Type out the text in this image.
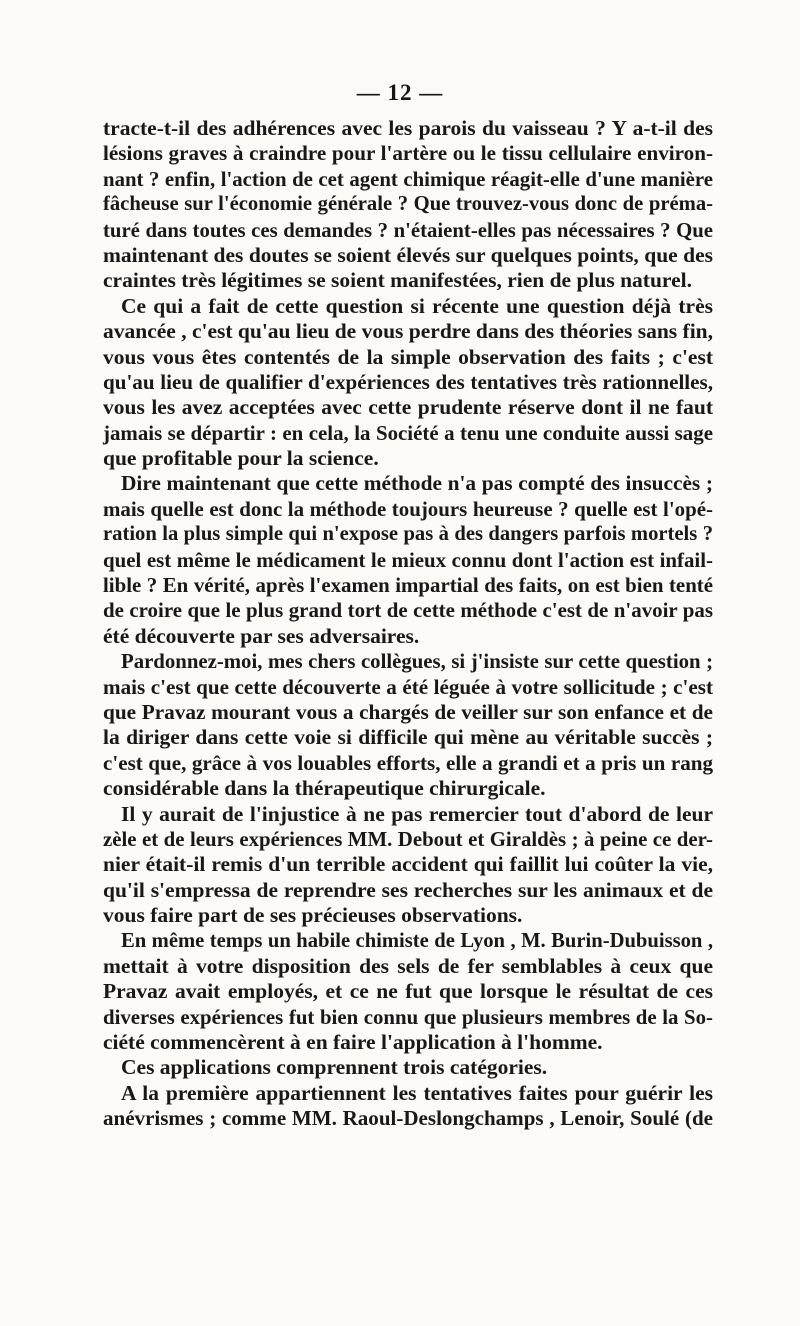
— 12 —
tracte-t-il des adhérences avec les parois du vaisseau ? Y a-t-il des
lésions graves à craindre pour l'artère ou le tissu cellulaire environ-
nant ? enfin, l'action de cet agent chimique réagit-elle d'une manière
fâcheuse sur l'économie générale ? Que trouvez-vous donc de préma-
turé dans toutes ces demandes ? n'étaient-elles pas nécessaires ? Que
maintenant des doutes se soient élevés sur quelques points, que des
craintes très légitimes se soient manifestées, rien de plus naturel.
Ce qui a fait de cette question si récente une question déjà très
avancée , c'est qu'au lieu de vous perdre dans des théories sans fin,
vous vous êtes contentés de la simple observation des faits ; c'est
qu'au lieu de qualifier d'expériences des tentatives très rationnelles,
vous les avez acceptées avec cette prudente réserve dont il ne faut
jamais se départir : en cela, la Société a tenu une conduite aussi sage
que profitable pour la science.
Dire maintenant que cette méthode n'a pas compté des insuccès ;
mais quelle est donc la méthode toujours heureuse ? quelle est l'opé-
ration la plus simple qui n'expose pas à des dangers parfois mortels ?
quel est même le médicament le mieux connu dont l'action est infail-
lible ? En vérité, après l'examen impartial des faits, on est bien tenté
de croire que le plus grand tort de cette méthode c'est de n'avoir pas
été découverte par ses adversaires.
Pardonnez-moi, mes chers collègues, si j'insiste sur cette question ;
mais c'est que cette découverte a été léguée à votre sollicitude ; c'est
que Pravaz mourant vous a chargés de veiller sur son enfance et de
la diriger dans cette voie si difficile qui mène au véritable succès ;
c'est que, grâce à vos louables efforts, elle a grandi et a pris un rang
considérable dans la thérapeutique chirurgicale.
Il y aurait de l'injustice à ne pas remercier tout d'abord de leur
zèle et de leurs expériences MM. Debout et Giraldès ; à peine ce der-
nier était-il remis d'un terrible accident qui faillit lui coûter la vie,
qu'il s'empressa de reprendre ses recherches sur les animaux et de
vous faire part de ses précieuses observations.
En même temps un habile chimiste de Lyon , M. Burin-Dubuisson ,
mettait à votre disposition des sels de fer semblables à ceux que
Pravaz avait employés, et ce ne fut que lorsque le résultat de ces
diverses expériences fut bien connu que plusieurs membres de la So-
ciété commencèrent à en faire l'application à l'homme.
Ces applications comprennent trois catégories.
A la première appartiennent les tentatives faites pour guérir les
anévrismes ; comme MM. Raoul-Deslongchamps , Lenoir, Soulé (de
